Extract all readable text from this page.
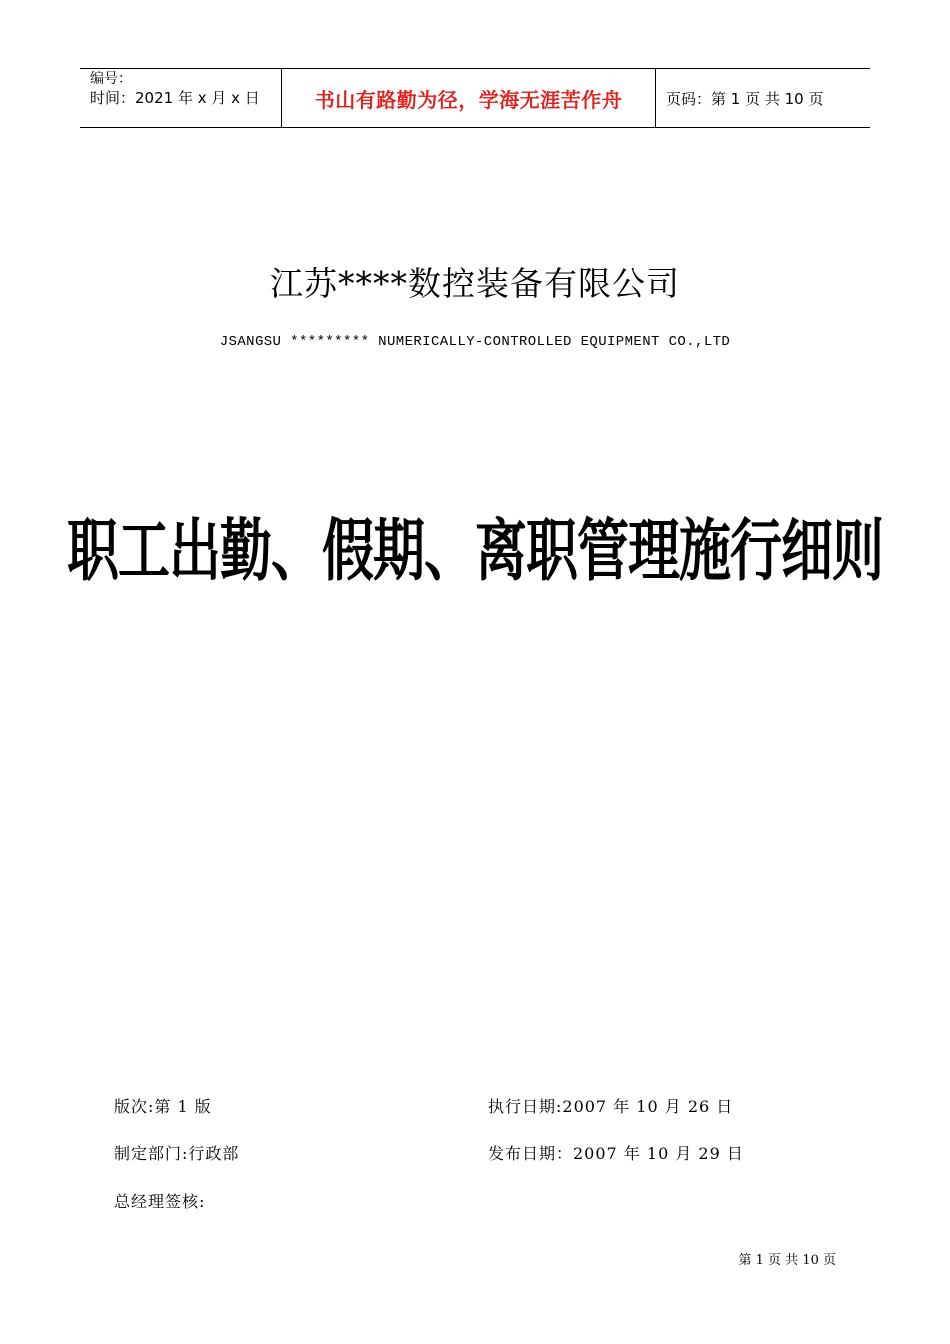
编号：
时间：2021 年 x 月 x 日	书山有路勤为径，学海无涯苦作舟	页码：第 1 页 共 10 页
江苏****数控装备有限公司
JSANGSU ********* NUMERICALLY-CONTROLLED EQUIPMENT CO.,LTD
职工出勤、假期、离职管理施行细则
版次:第 1 版	执行日期:2007 年 10 月 26 日
制定部门:行政部	发布日期：2007 年 10 月 29 日
总经理签核:
第 1 页 共 10 页
